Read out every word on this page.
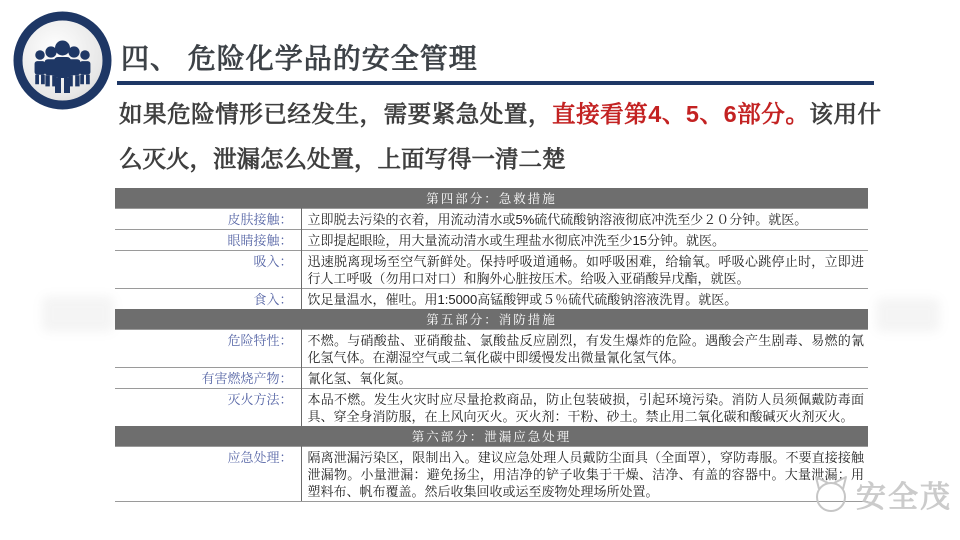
四、 危险化学品的安全管理

如果危险情形已经发生，需要紧急处置，直接看第4、5、6部分。该用什么灭火，泄漏怎么处置，上面写得一清二楚

第四部分：急救措施	
皮肤接触：	立即脱去污染的衣着，用流动清水或5%硫代硫酸钠溶液彻底冲洗至少２０分钟。就医。
眼睛接触：	立即提起眼睑，用大量流动清水或生理盐水彻底冲洗至少15分钟。就医。
吸入：	迅速脱离现场至空气新鲜处。保持呼吸道通畅。如呼吸困难，给输氧。呼吸心跳停止时，立即进行人工呼吸（勿用口对口）和胸外心脏按压术。给吸入亚硝酸异戊酯，就医。
食入：	饮足量温水，催吐。用1:5000高锰酸钾或５％硫代硫酸钠溶液洗胃。就医。
第五部分：消防措施	
危险特性：	不燃。与硝酸盐、亚硝酸盐、氯酸盐反应剧烈，有发生爆炸的危险。遇酸会产生剧毒、易燃的氰化氢气体。在潮湿空气或二氧化碳中即缓慢发出微量氰化氢气体。
有害燃烧产物：	氰化氢、氧化氮。
灭火方法：	本品不燃。发生火灾时应尽量抢救商品，防止包装破损，引起环境污染。消防人员须佩戴防毒面具、穿全身消防服，在上风向灭火。灭火剂：干粉、砂土。禁止用二氧化碳和酸碱灭火剂灭火。
第六部分：泄漏应急处理	
应急处理：	隔离泄漏污染区，限制出入。建议应急处理人员戴防尘面具（全面罩），穿防毒服。不要直接接触泄漏物。小量泄漏：避免扬尘，用洁净的铲子收集于干燥、洁净、有盖的容器中。大量泄漏：用塑料布、帆布覆盖。然后收集回收或运至废物处理场所处置。	安全茂
